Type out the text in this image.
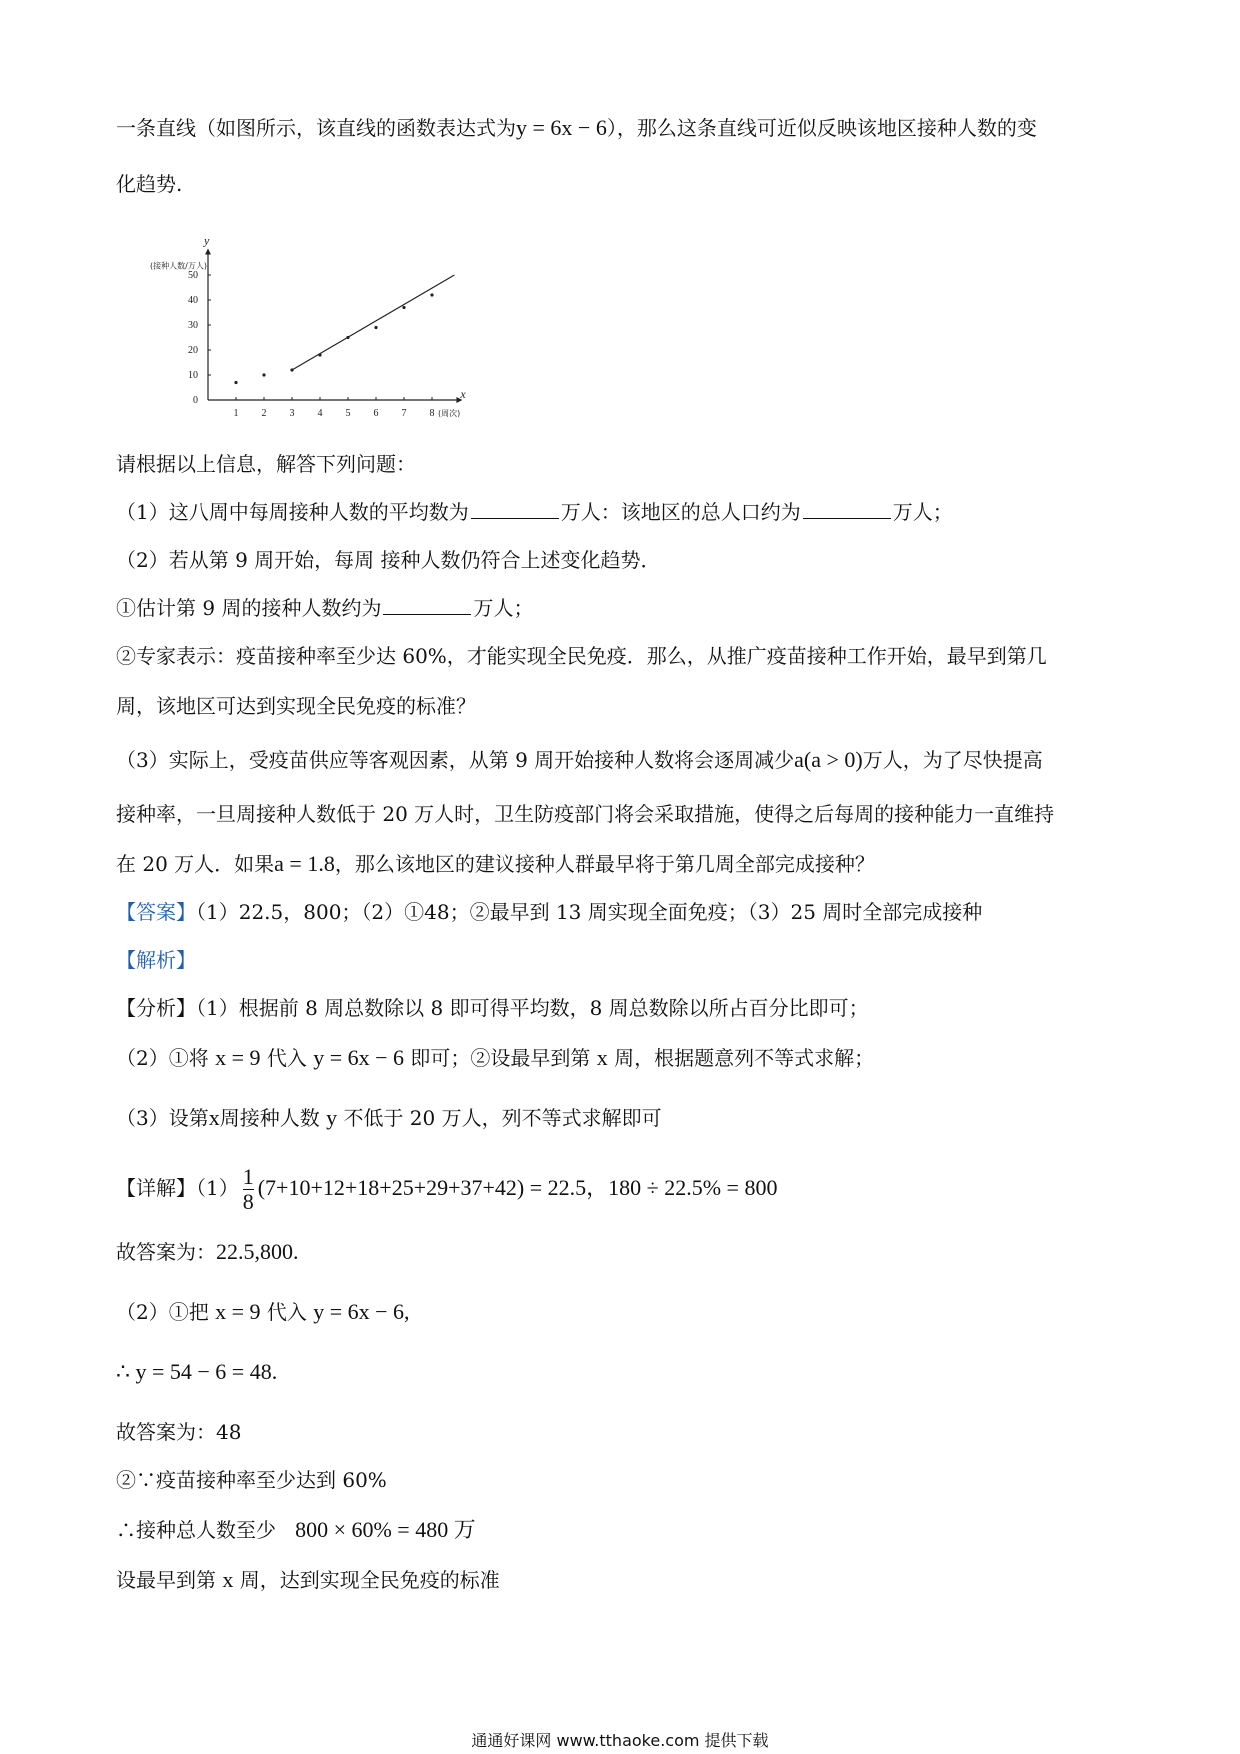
一条直线（如图所示，该直线的函数表达式为y = 6x − 6），那么这条直线可近似反映该地区接种人数的变
化趋势.
y
(接种人数/万人)
x
(周次)
1 2 3 4 5 6 7 8
0
10
20
30
40
50
请根据以上信息，解答下列问题：
（1）这八周中每周接种人数的平均数为	万人：该地区的总人口约为	万人；
（2）若从第 9 周开始，每周 接种人数仍符合上述变化趋势．
①估计第 9 周的接种人数约为	万人；
②专家表示：疫苗接种率至少达 60%，才能实现全民免疫．那么，从推广疫苗接种工作开始，最早到第几
周，该地区可达到实现全民免疫的标准？
（3）实际上，受疫苗供应等客观因素，从第 9 周开始接种人数将会逐周减少a(a > 0)万人，为了尽快提高
接种率，一旦周接种人数低于 20 万人时，卫生防疫部门将会采取措施，使得之后每周的接种能力一直维持
在 20 万人．如果a = 1.8，那么该地区的建议接种人群最早将于第几周全部完成接种？
【答案】（1）22.5，800；（2）①48；②最早到 13 周实现全面免疫；（3）25 周时全部完成接种
【解析】
【分析】（1）根据前 8 周总数除以 8 即可得平均数，8 周总数除以所占百分比即可；
（2）①将 x = 9 代入 y = 6x − 6 即可；②设最早到第 x 周，根据题意列不等式求解；
（3）设第x周接种人数 y 不低于 20 万人，列不等式求解即可
【详解】$(1) \frac{1}{8} (7+10+12+18+25+29+37+42) = 22.5$，180 ÷ 22.5% = 800
故答案为：22.5,800.
（2）①把 x = 9 代入 y = 6x − 6,
∴ y = 54 − 6 = 48.
故答案为：48
②∵疫苗接种率至少达到 60%
∴接种总人数至少 800 × 60% = 480 万
设最早到第 x 周，达到实现全民免疫的标准
通通好课网 www.tthaoke.com 提供下载
